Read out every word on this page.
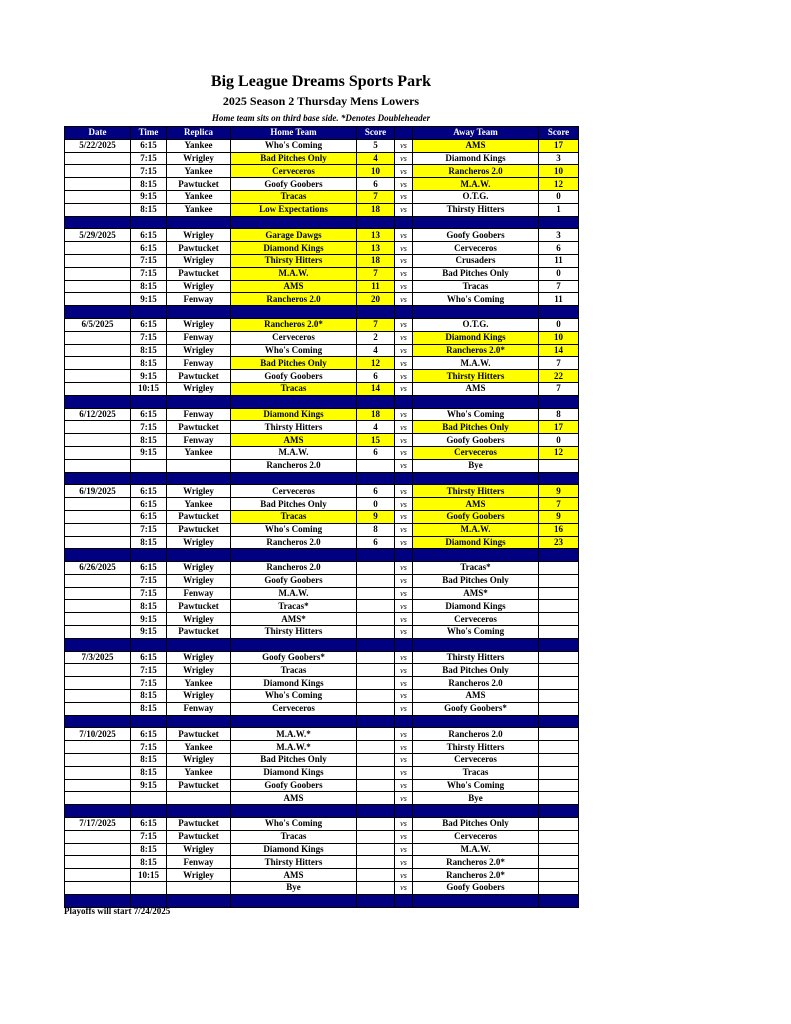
Big League Dreams Sports Park
2025 Season 2 Thursday Mens Lowers
Home team sits on third base side. *Denotes Doubleheader
Date	Time	Replica	Home Team	Score		Away Team	Score
5/22/2025	6:15	Yankee	Who's Coming	5	vs	AMS	17
	7:15	Wrigley	Bad Pitches Only	4	vs	Diamond Kings	3
	7:15	Yankee	Cerveceros	10	vs	Rancheros 2.0	10
	8:15	Pawtucket	Goofy Goobers	6	vs	M.A.W.	12
	9:15	Yankee	Tracas	7	vs	O.T.G.	0
	8:15	Yankee	Low Expectations	18	vs	Thirsty Hitters	1

5/29/2025	6:15	Wrigley	Garage Dawgs	13	vs	Goofy Goobers	3
	6:15	Pawtucket	Diamond Kings	13	vs	Cerveceros	6
	7:15	Wrigley	Thirsty Hitters	18	vs	Crusaders	11
	7:15	Pawtucket	M.A.W.	7	vs	Bad Pitches Only	0
	8:15	Wrigley	AMS	11	vs	Tracas	7
	9:15	Fenway	Rancheros 2.0	20	vs	Who's Coming	11

6/5/2025	6:15	Wrigley	Rancheros 2.0*	7	vs	O.T.G.	0
	7:15	Fenway	Cerveceros	2	vs	Diamond Kings	10
	8:15	Wrigley	Who's Coming	4	vs	Rancheros 2.0*	14
	8:15	Fenway	Bad Pitches Only	12	vs	M.A.W.	7
	9:15	Pawtucket	Goofy Goobers	6	vs	Thirsty Hitters	22
	10:15	Wrigley	Tracas	14	vs	AMS	7

6/12/2025	6:15	Fenway	Diamond Kings	18	vs	Who's Coming	8
	7:15	Pawtucket	Thirsty Hitters	4	vs	Bad Pitches Only	17
	8:15	Fenway	AMS	15	vs	Goofy Goobers	0
	9:15	Yankee	M.A.W.	6	vs	Cerveceros	12
			Rancheros 2.0		vs	Bye	

6/19/2025	6:15	Wrigley	Cerveceros	6	vs	Thirsty Hitters	9
	6:15	Yankee	Bad Pitches Only	0	vs	AMS	7
	6:15	Pawtucket	Tracas	9	vs	Goofy Goobers	9
	7:15	Pawtucket	Who's Coming	8	vs	M.A.W.	16
	8:15	Wrigley	Rancheros 2.0	6	vs	Diamond Kings	23

6/26/2025	6:15	Wrigley	Rancheros 2.0		vs	Tracas*	
	7:15	Wrigley	Goofy Goobers		vs	Bad Pitches Only	
	7:15	Fenway	M.A.W.		vs	AMS*	
	8:15	Pawtucket	Tracas*		vs	Diamond Kings	
	9:15	Wrigley	AMS*		vs	Cerveceros	
	9:15	Pawtucket	Thirsty Hitters		vs	Who's Coming	

7/3/2025	6:15	Wrigley	Goofy Goobers*		vs	Thirsty Hitters	
	7:15	Wrigley	Tracas		vs	Bad Pitches Only	
	7:15	Yankee	Diamond Kings		vs	Rancheros 2.0	
	8:15	Wrigley	Who's Coming		vs	AMS	
	8:15	Fenway	Cerveceros		vs	Goofy Goobers*	

7/10/2025	6:15	Pawtucket	M.A.W.*		vs	Rancheros 2.0	
	7:15	Yankee	M.A.W.*		vs	Thirsty Hitters	
	8:15	Wrigley	Bad Pitches Only		vs	Cerveceros	
	8:15	Yankee	Diamond Kings		vs	Tracas	
	9:15	Pawtucket	Goofy Goobers		vs	Who's Coming	
			AMS		vs	Bye	

7/17/2025	6:15	Pawtucket	Who's Coming		vs	Bad Pitches Only	
	7:15	Pawtucket	Tracas		vs	Cerveceros	
	8:15	Wrigley	Diamond Kings		vs	M.A.W.	
	8:15	Fenway	Thirsty Hitters		vs	Rancheros 2.0*	
	10:15	Wrigley	AMS		vs	Rancheros 2.0*	
			Bye		vs	Goofy Goobers	

Playoffs will start 7/24/2025
